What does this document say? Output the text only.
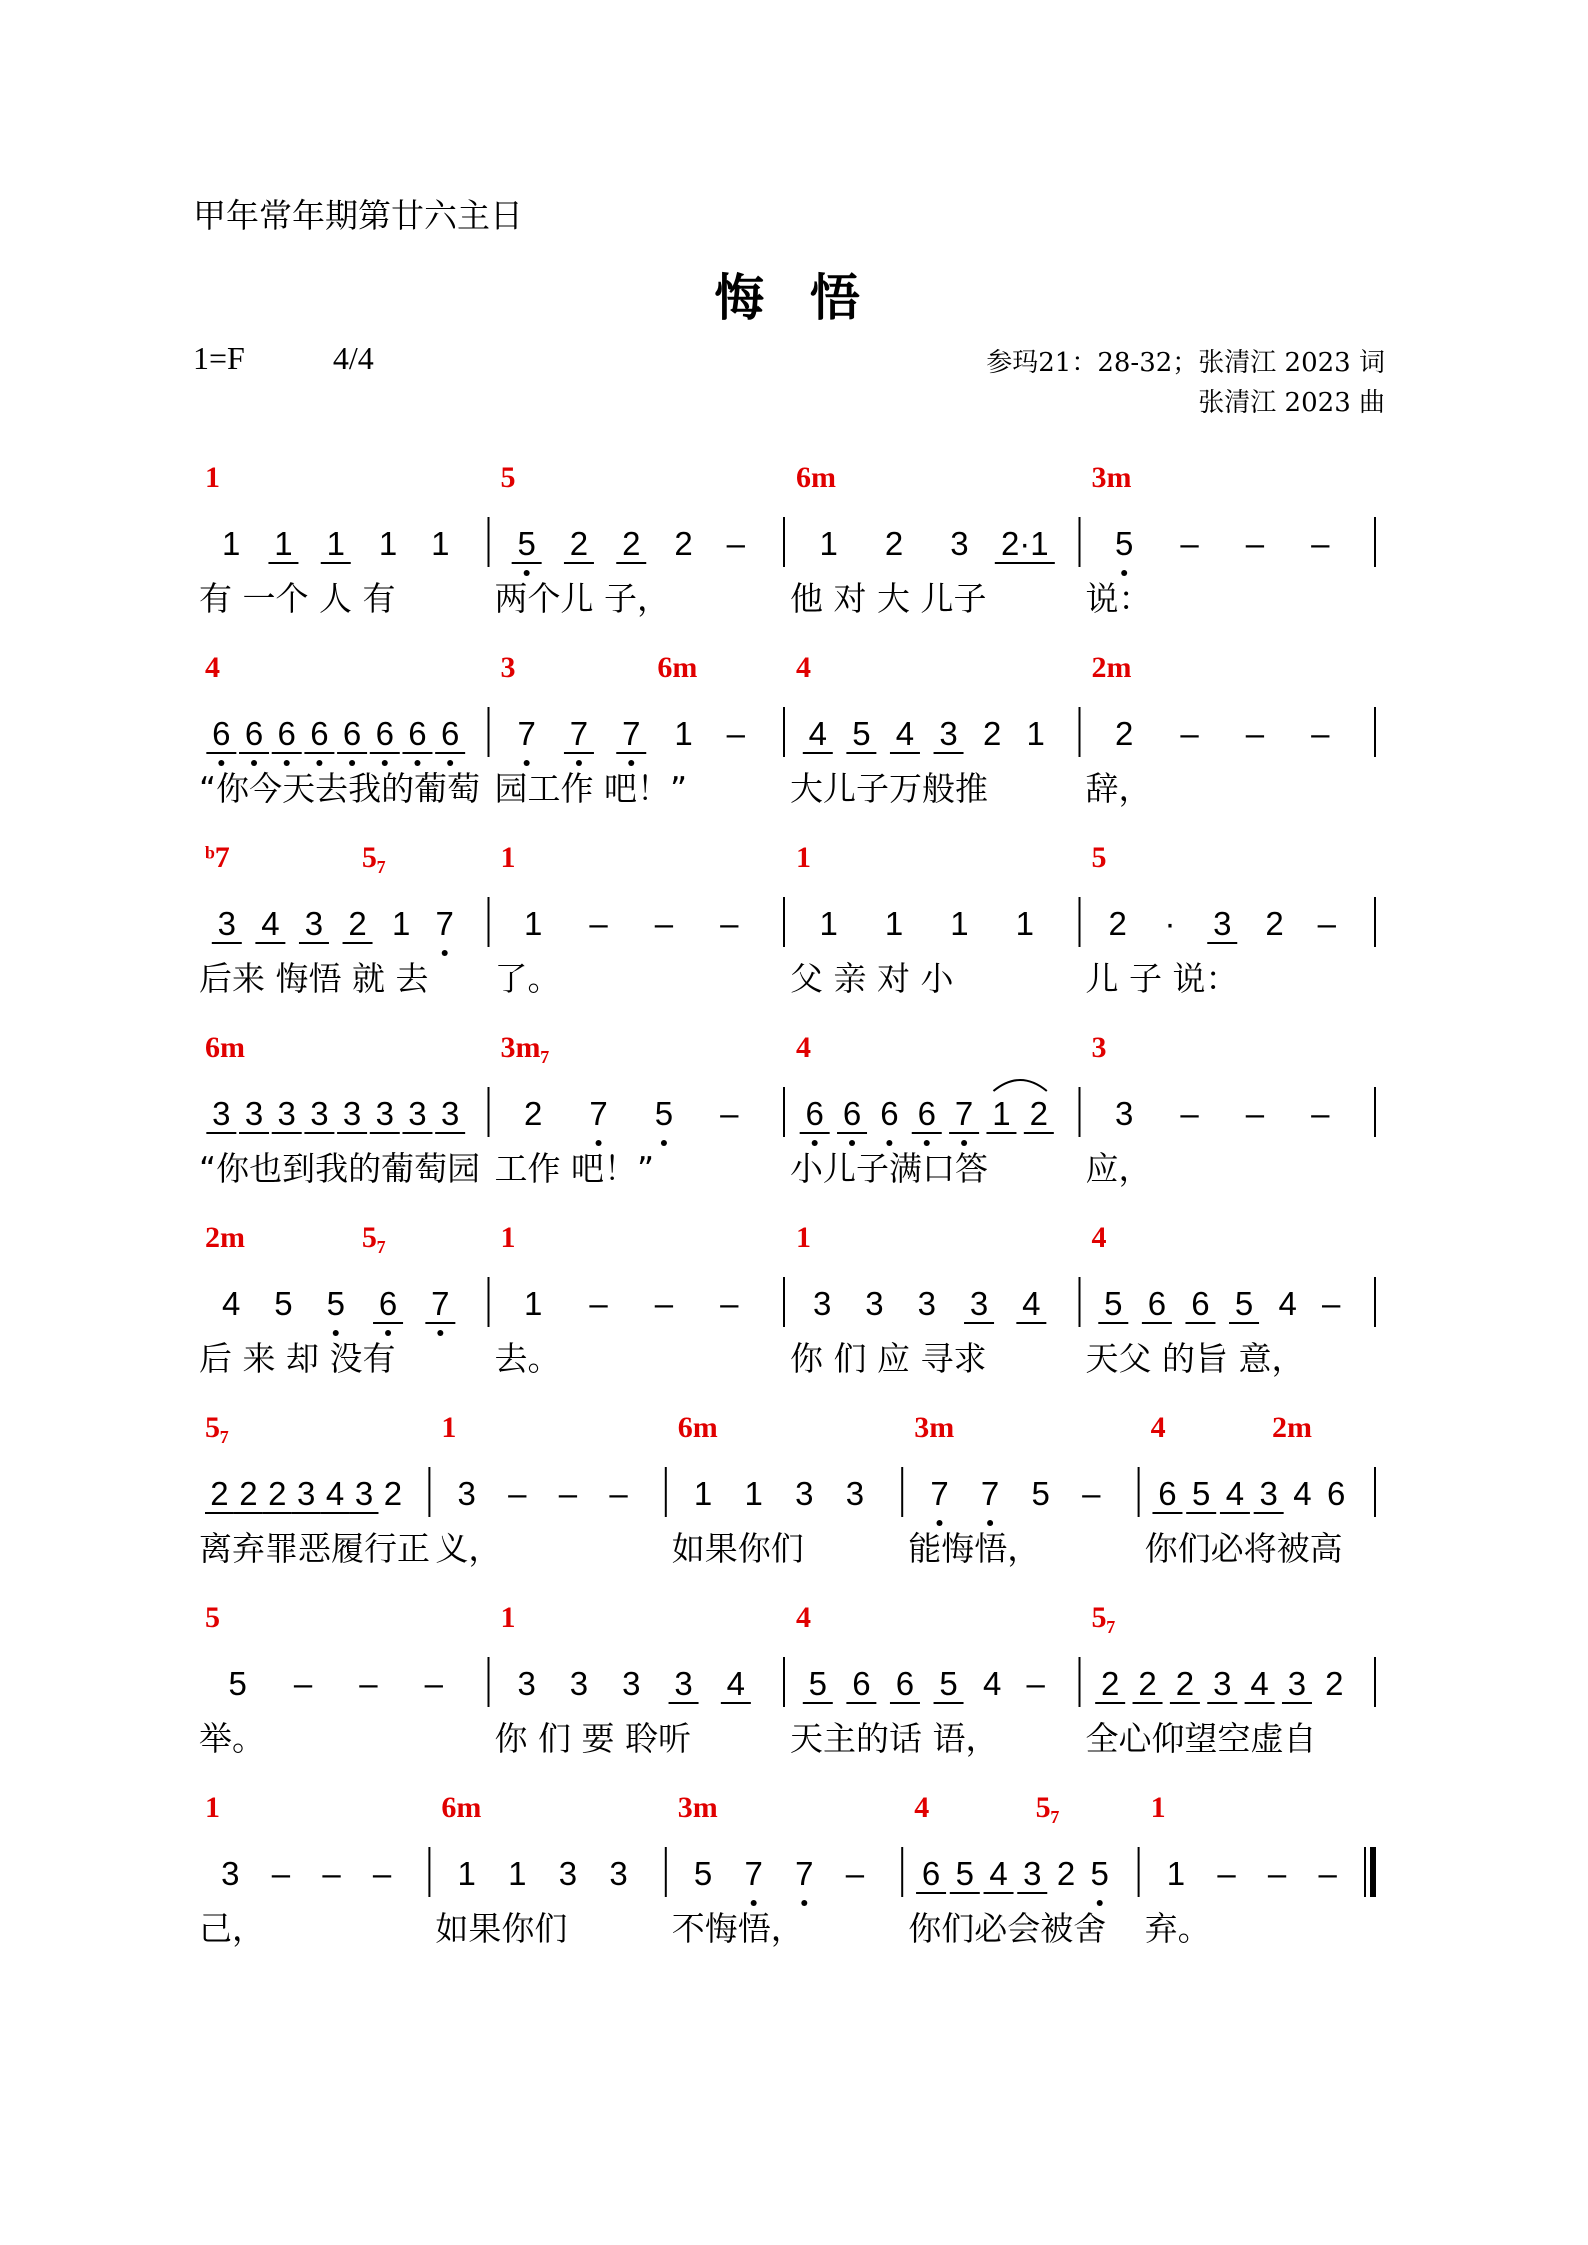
甲年常年期第廿六主日
悔 悟
1=F	4/4	参玛21：28-32；张清江 2023 词
张清江 2023 曲
1
1 1 1 1 1
有 一个 人 有
5
5 2 2 2 –
两个儿 子，
6m
1 2 3 2·1
他 对 大 儿子
3m
5 – – –
说：
4
6 6 6 6 6 6 6 6
“你今天去我的葡萄
3	6m
7 7 7 1 –
园工作 吧！”
4
4 5 4 3 2 1
大儿子万般推
2m
2 – – –
辞，
ᵇ7	5₇
3 4 3 2 1 7
后来 悔悟 就 去
1
1 – – –
了。
1
1 1 1 1
父 亲 对 小
5
2 · 3 2 –
儿 子 说：
6m
3 3 3 3 3 3 3 3
“你也到我的葡萄园
3m₇
2 7 5 –
工作 吧！”
4
6 6 6 6 7 1 2
小儿子满口答
3
3 – – –
应，
2m	5₇
4 5 5 6 7
后 来 却 没有
1
1 – – –
去。
1
3 3 3 3 4
你 们 应 寻求
4
5 6 6 5 4 –
天父 的旨 意，
5₇
2 2 2 3 4 3 2
离弃罪恶履行正
1
3 – – –
义，
6m
1 1 3 3
如果你们
3m
7 7 5 –
能悔悟，
4	2m
6 5 4 3 4 6
你们必将被高
5
5 – – –
举。
1
3 3 3 3 4
你 们 要 聆听
4
5 6 6 5 4 –
天主的话 语，
5₇
2 2 2 3 4 3 2
全心仰望空虚自
1
3 – – –
己，
6m
1 1 3 3
如果你们
3m
5 7 7 –
不悔悟，
4	5₇
6 5 4 3 2 5
你们必会被舍
1
1 – – –
弃。
